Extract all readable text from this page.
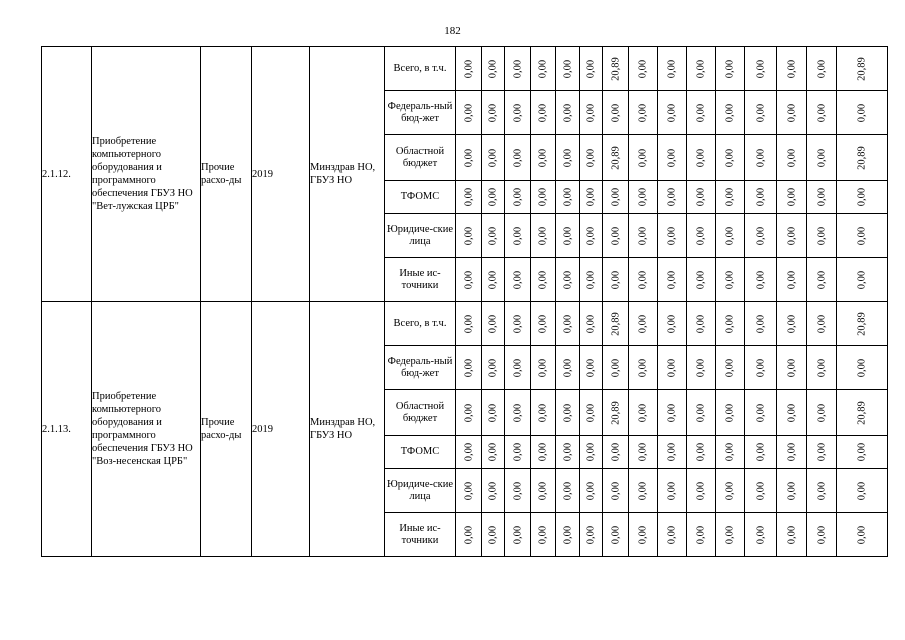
182
2.1.12.	Приобретение компьютерного оборудования и программного обеспечения ГБУЗ НО "Вет-лужская ЦРБ"	Прочие расхо-ды	2019	Минздрав НО, ГБУЗ НО	Всего, в т.ч.	0,00	0,00	0,00	0,00	0,00	0,00	20,89	0,00	0,00	0,00	0,00	0,00	0,00	0,00	20,89

					Федераль-ный бюд-жет	0,00	0,00	0,00	0,00	0,00	0,00	0,00	0,00	0,00	0,00	0,00	0,00	0,00	0,00	0,00

					Областной бюджет	0,00	0,00	0,00	0,00	0,00	0,00	20,89	0,00	0,00	0,00	0,00	0,00	0,00	0,00	20,89

					ТФОМС	0,00	0,00	0,00	0,00	0,00	0,00	0,00	0,00	0,00	0,00	0,00	0,00	0,00	0,00	0,00

					Юридиче-ские лица	0,00	0,00	0,00	0,00	0,00	0,00	0,00	0,00	0,00	0,00	0,00	0,00	0,00	0,00	0,00

					Иные ис-точники	0,00	0,00	0,00	0,00	0,00	0,00	0,00	0,00	0,00	0,00	0,00	0,00	0,00	0,00	0,00

2.1.13.	Приобретение компьютерного оборудования и программного обеспечения ГБУЗ НО "Воз-несенская ЦРБ"	Прочие расхо-ды	2019	Минздрав НО, ГБУЗ НО	Всего, в т.ч.	0,00	0,00	0,00	0,00	0,00	0,00	20,89	0,00	0,00	0,00	0,00	0,00	0,00	0,00	20,89

					Федераль-ный бюд-жет	0,00	0,00	0,00	0,00	0,00	0,00	0,00	0,00	0,00	0,00	0,00	0,00	0,00	0,00	0,00

					Областной бюджет	0,00	0,00	0,00	0,00	0,00	0,00	20,89	0,00	0,00	0,00	0,00	0,00	0,00	0,00	20,89

					ТФОМС	0,00	0,00	0,00	0,00	0,00	0,00	0,00	0,00	0,00	0,00	0,00	0,00	0,00	0,00	0,00

					Юридиче-ские лица	0,00	0,00	0,00	0,00	0,00	0,00	0,00	0,00	0,00	0,00	0,00	0,00	0,00	0,00	0,00

					Иные ис-точники	0,00	0,00	0,00	0,00	0,00	0,00	0,00	0,00	0,00	0,00	0,00	0,00	0,00	0,00	0,00
